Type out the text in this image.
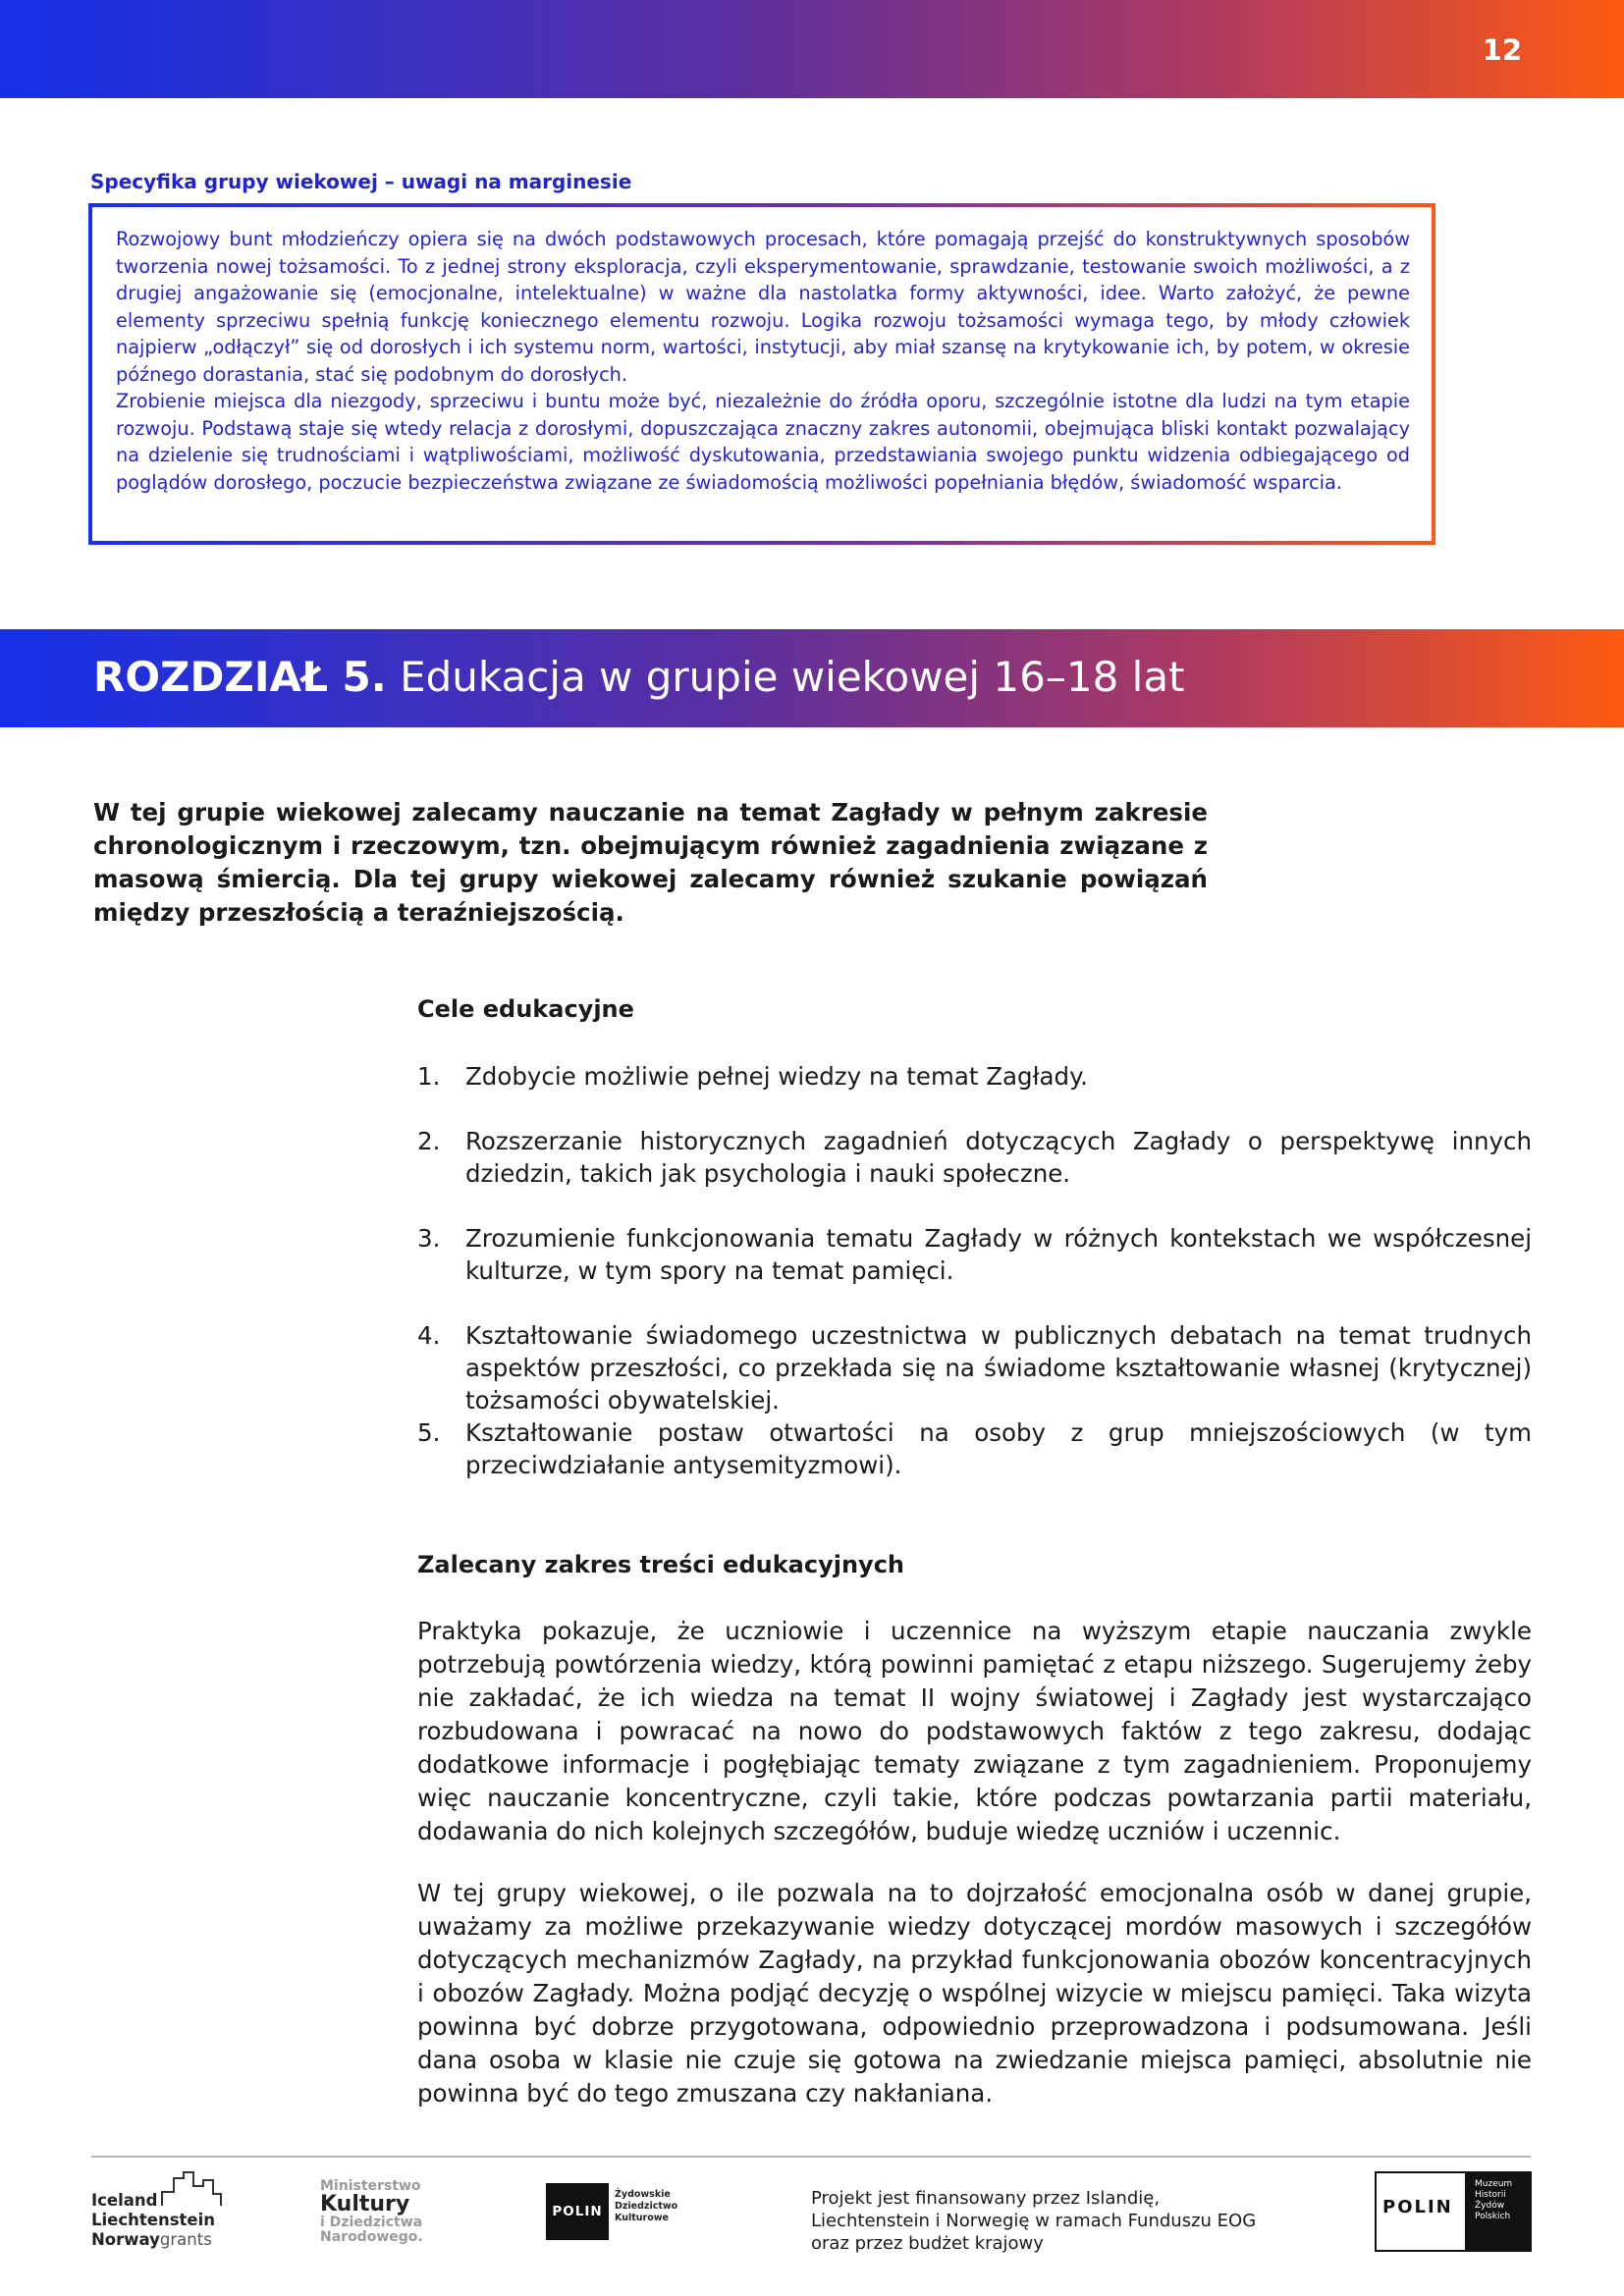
12
Specyfika grupy wiekowej – uwagi na marginesie

Rozwojowy bunt młodzieńczy opiera się na dwóch podstawowych procesach, które pomagają przejść do konstruktywnych sposobów tworzenia nowej tożsamości. To z jednej strony eksploracja, czyli eksperymentowanie, sprawdzanie, testowanie swoich możliwości, a z drugiej angażowanie się (emocjonalne, intelektualne) w ważne dla nastolatka formy aktywności, idee. Warto założyć, że pewne elementy sprzeciwu spełnią funkcję koniecznego elementu rozwoju. Logika rozwoju tożsamości wymaga tego, by młody człowiek najpierw „odłączył” się od dorosłych i ich systemu norm, wartości, instytucji, aby miał szansę na krytykowanie ich, by potem, w okresie późnego dorastania, stać się podobnym do dorosłych.

Zrobienie miejsca dla niezgody, sprzeciwu i buntu może być, niezależnie do źródła oporu, szczególnie istotne dla ludzi na tym etapie rozwoju. Podstawą staje się wtedy relacja z dorosłymi, dopuszczająca znaczny zakres autonomii, obejmująca bliski kontakt pozwalający na dzielenie się trudnościami i wątpliwościami, możliwość dyskutowania, przedstawiania swojego punktu widzenia odbiegającego od poglądów dorosłego, poczucie bezpieczeństwa związane ze świadomością możliwości popełniania błędów, świadomość wsparcia.

ROZDZIAŁ 5. Edukacja w grupie wiekowej 16–18 lat

W tej grupie wiekowej zalecamy nauczanie na temat Zagłady w pełnym zakresie chronologicznym i rzeczowym, tzn. obejmującym również zagadnienia związane z masową śmiercią. Dla tej grupy wiekowej zalecamy również szukanie powiązań między przeszłością a teraźniejszością.

Cele edukacyjne
1. Zdobycie możliwie pełnej wiedzy na temat Zagłady.
2. Rozszerzanie historycznych zagadnień dotyczących Zagłady o perspektywę innych dziedzin, takich jak psychologia i nauki społeczne.
3. Zrozumienie funkcjonowania tematu Zagłady w różnych kontekstach we współczesnej kulturze, w tym spory na temat pamięci.
4. Kształtowanie świadomego uczestnictwa w publicznych debatach na temat trudnych aspektów przeszłości, co przekłada się na świadome kształtowanie własnej (krytycznej) tożsamości obywatelskiej.
5. Kształtowanie postaw otwartości na osoby z grup mniejszościowych (w tym przeciwdziałanie antysemityzmowi).
Zalecany zakres treści edukacyjnych

Praktyka pokazuje, że uczniowie i uczennice na wyższym etapie nauczania zwykle potrzebują powtórzenia wiedzy, którą powinni pamiętać z etapu niższego. Sugerujemy żeby nie zakładać, że ich wiedza na temat II wojny światowej i Zagłady jest wystarczająco rozbudowana i powracać na nowo do podstawowych faktów z tego zakresu, dodając dodatkowe informacje i pogłębiając tematy związane z tym zagadnieniem. Proponujemy więc nauczanie koncentryczne, czyli takie, które podczas powtarzania partii materiału, dodawania do nich kolejnych szczegółów, buduje wiedzę uczniów i uczennic.

W tej grupy wiekowej, o ile pozwala na to dojrzałość emocjonalna osób w danej grupie, uważamy za możliwe przekazywanie wiedzy dotyczącej mordów masowych i szczegółów dotyczących mechanizmów Zagłady, na przykład funkcjonowania obozów koncentracyjnych i obozów Zagłady. Można podjąć decyzję o wspólnej wizycie w miejscu pamięci. Taka wizyta powinna być dobrze przygotowana, odpowiednio przeprowadzona i podsumowana. Jeśli dana osoba w klasie nie czuje się gotowa na zwiedzanie miejsca pamięci, absolutnie nie powinna być do tego zmuszana czy nakłaniana.

Iceland
Liechtenstein
Norwaygrants
Ministerstwo
Kultury
i Dziedzictwa
Narodowego.
POLIN
Żydowskie
Dziedzictwo
Kulturowe

Projekt jest finansowany przez Islandię,
Liechtenstein i Norwegię w ramach Funduszu EOG
oraz przez budżet krajowy

POLIN
Muzeum
Historii
Żydów
Polskich
